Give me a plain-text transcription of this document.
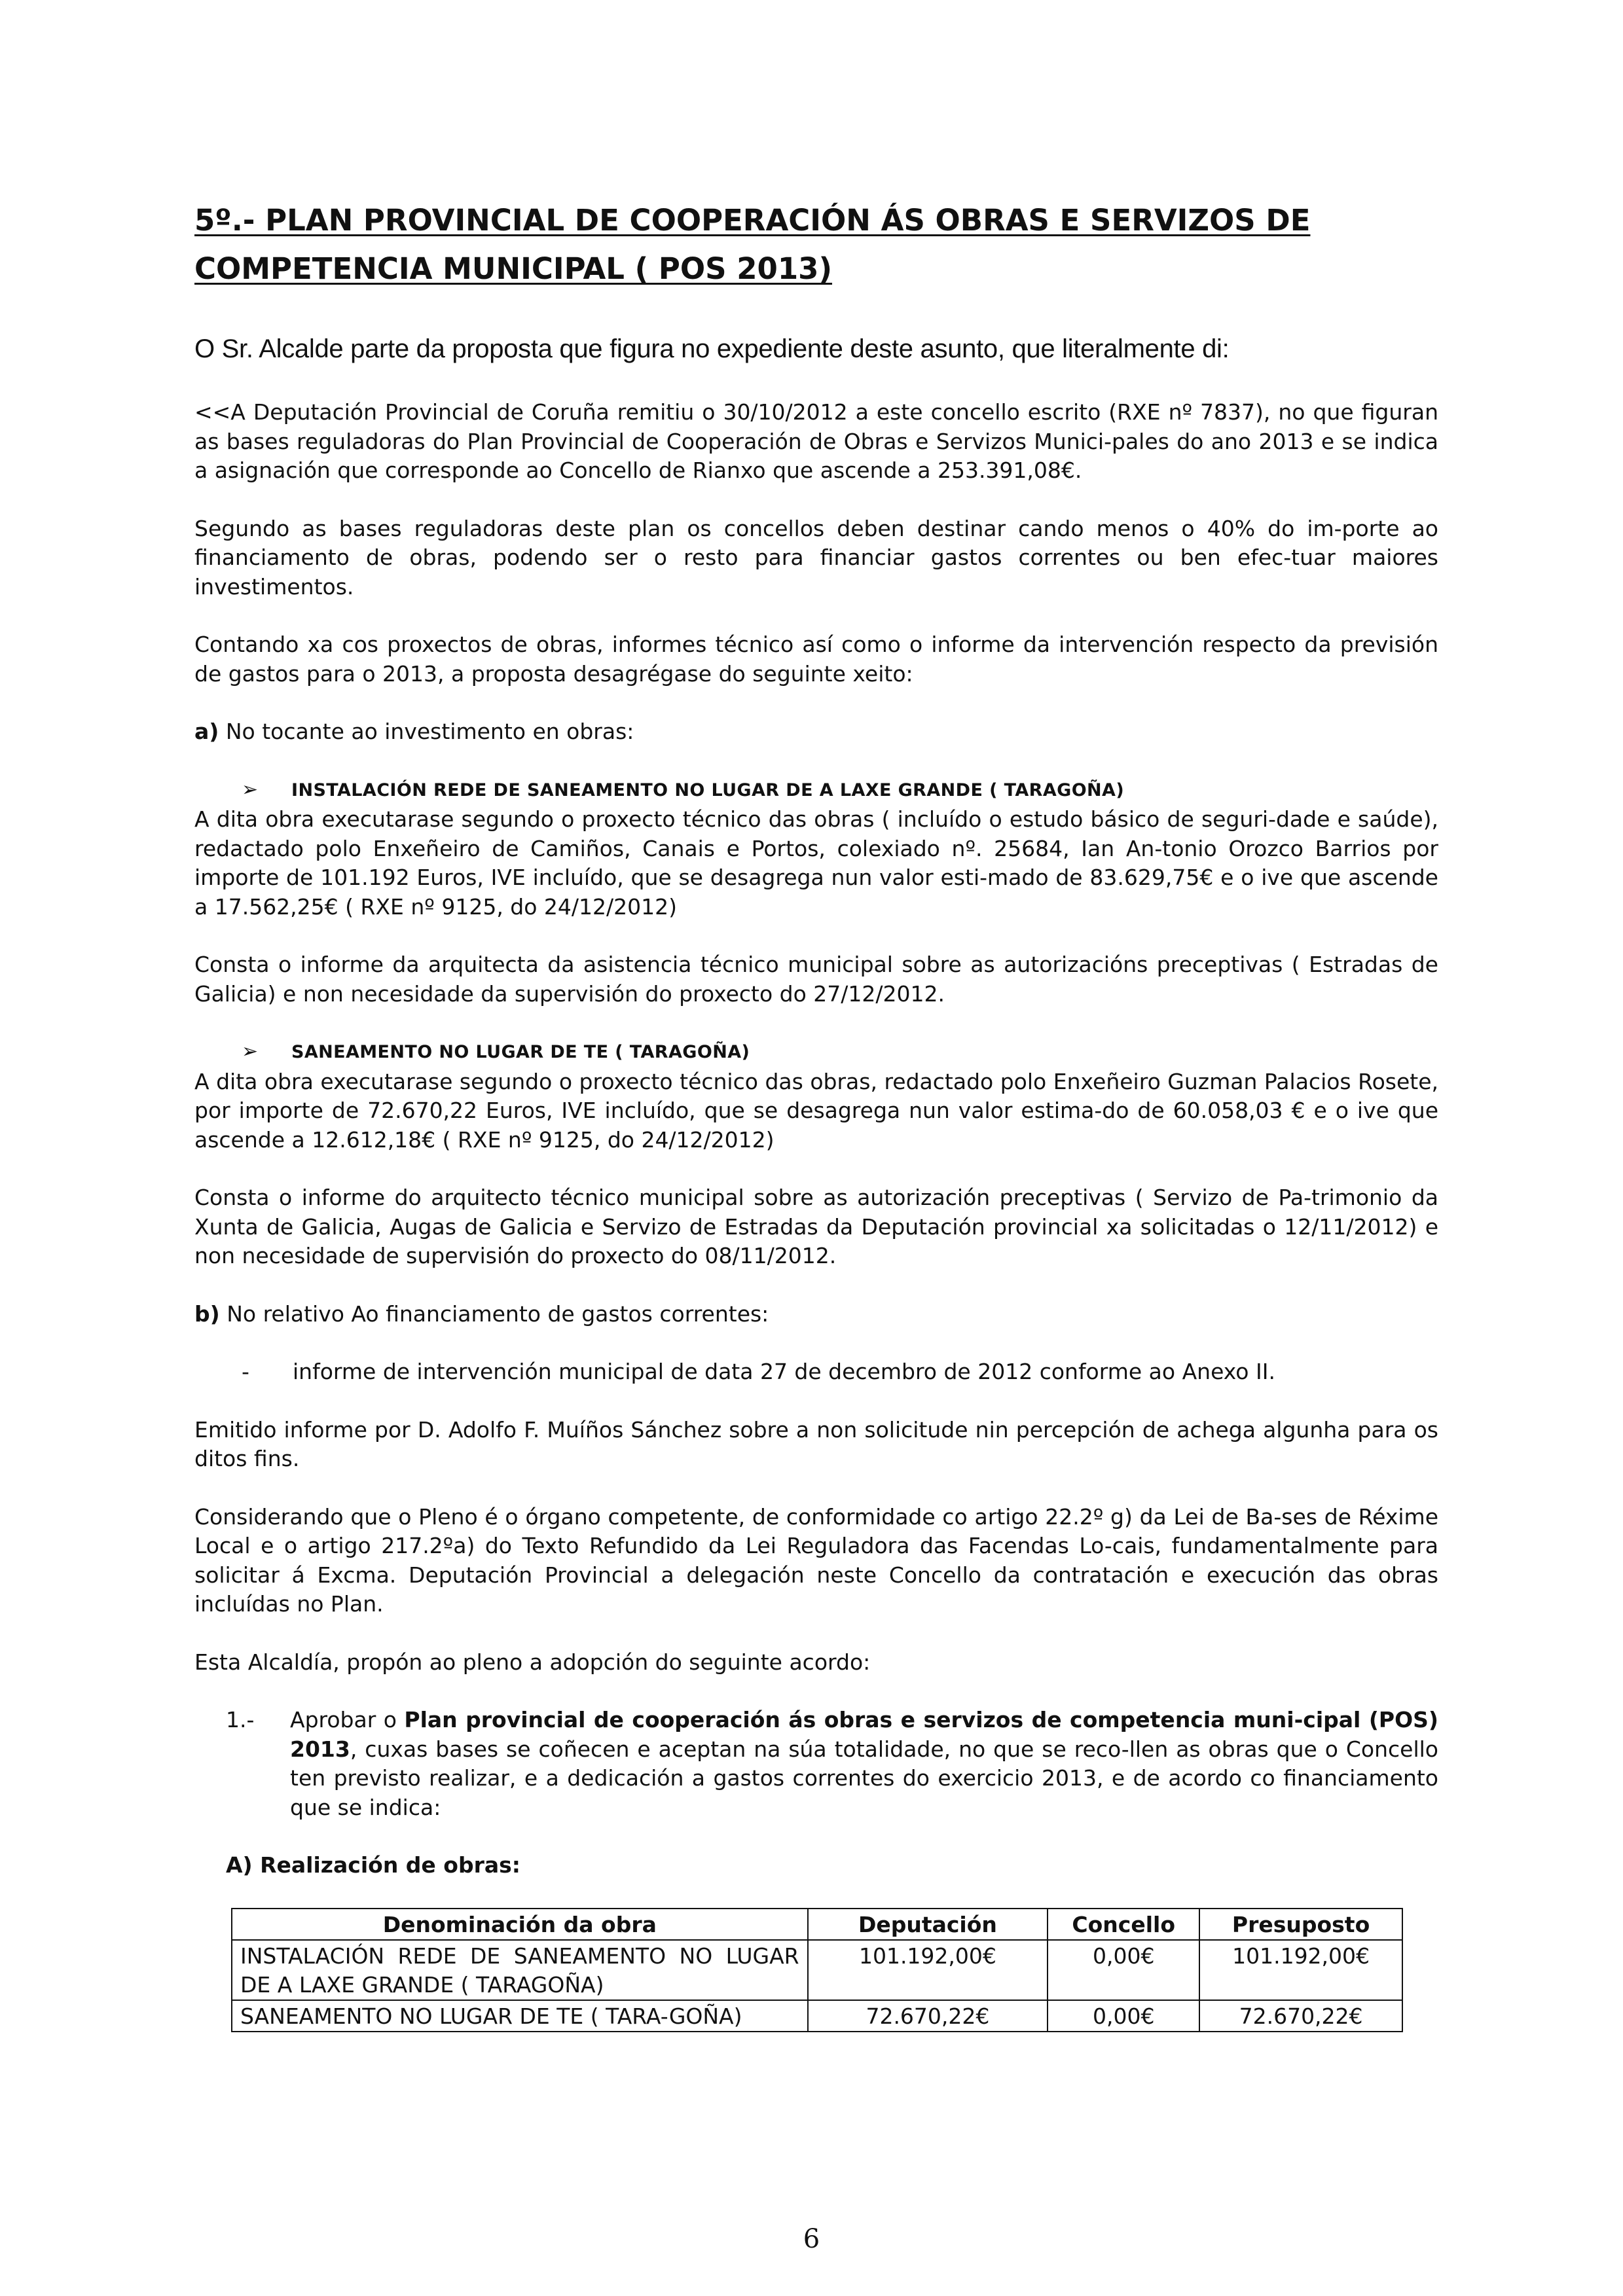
5º.- PLAN PROVINCIAL DE COOPERACIÓN ÁS OBRAS E SERVIZOS DE
COMPETENCIA MUNICIPAL ( POS 2013)
O Sr. Alcalde parte da proposta que figura no expediente deste asunto, que literalmente di:

<<A Deputación Provincial de Coruña remitiu o 30/10/2012 a este concello escrito (RXE nº 7837), no que figuran as bases reguladoras do Plan Provincial de Cooperación de Obras e Servizos Munici-pales do ano 2013 e se indica a asignación que corresponde ao Concello de Rianxo que ascende a 253.391,08€.

Segundo as bases reguladoras deste plan os concellos deben destinar cando menos o 40% do im-porte ao financiamento de obras, podendo ser o resto para financiar gastos correntes ou ben efec-tuar maiores investimentos.

Contando xa cos proxectos de obras, informes técnico así como o informe da intervención respecto da previsión de gastos para o 2013, a proposta desagrégase do seguinte xeito:

a) No tocante ao investimento en obras:

➢	INSTALACIÓN REDE DE SANEAMENTO NO LUGAR DE A LAXE GRANDE ( TARAGOÑA)

A dita obra executarase segundo o proxecto técnico das obras ( incluído o estudo básico de seguri-dade e saúde), redactado polo Enxeñeiro de Camiños, Canais e Portos, colexiado nº. 25684, Ian An-tonio Orozco Barrios por importe de 101.192 Euros, IVE incluído, que se desagrega nun valor esti-mado de 83.629,75€ e o ive que ascende a 17.562,25€ ( RXE nº 9125, do 24/12/2012)

Consta o informe da arquitecta da asistencia técnico municipal sobre as autorizacións preceptivas ( Estradas de Galicia) e non necesidade da supervisión do proxecto do 27/12/2012.

➢	SANEAMENTO NO LUGAR DE TE ( TARAGOÑA)

A dita obra executarase segundo o proxecto técnico das obras, redactado polo Enxeñeiro Guzman Palacios Rosete, por importe de 72.670,22 Euros, IVE incluído, que se desagrega nun valor estima-do de 60.058,03 € e o ive que ascende a 12.612,18€ ( RXE nº 9125, do 24/12/2012)

Consta o informe do arquitecto técnico municipal sobre as autorización preceptivas ( Servizo de Pa-trimonio da Xunta de Galicia, Augas de Galicia e Servizo de Estradas da Deputación provincial xa solicitadas o 12/11/2012) e non necesidade de supervisión do proxecto do 08/11/2012.

b) No relativo Ao financiamento de gastos correntes:

-	informe de intervención municipal de data 27 de decembro de 2012 conforme ao Anexo II.

Emitido informe por D. Adolfo F. Muíños Sánchez sobre a non solicitude nin percepción de achega algunha para os ditos fins.

Considerando que o Pleno é o órgano competente, de conformidade co artigo 22.2º g) da Lei de Ba-ses de Réxime Local e o artigo 217.2ºa) do Texto Refundido da Lei Reguladora das Facendas Lo-cais, fundamentalmente para solicitar á Excma. Deputación Provincial a delegación neste Concello da contratación e execución das obras incluídas no Plan.

Esta Alcaldía, propón ao pleno a adopción do seguinte acordo:

1.-	Aprobar o Plan provincial de cooperación ás obras e servizos de competencia muni-cipal (POS) 2013, cuxas bases se coñecen e aceptan na súa totalidade, no que se reco-llen as obras que o Concello ten previsto realizar, e a dedicación a gastos correntes do exercicio 2013, e de acordo co financiamento que se indica:
A) Realización de obras:
Denominación da obra	Deputación	Concello	Presuposto
INSTALACIÓN REDE DE SANEAMENTO NO LUGAR DE A LAXE GRANDE ( TARAGOÑA)	101.192,00€	0,00€	101.192,00€
SANEAMENTO NO LUGAR DE TE ( TARA-GOÑA)	72.670,22€	0,00€	72.670,22€
6
